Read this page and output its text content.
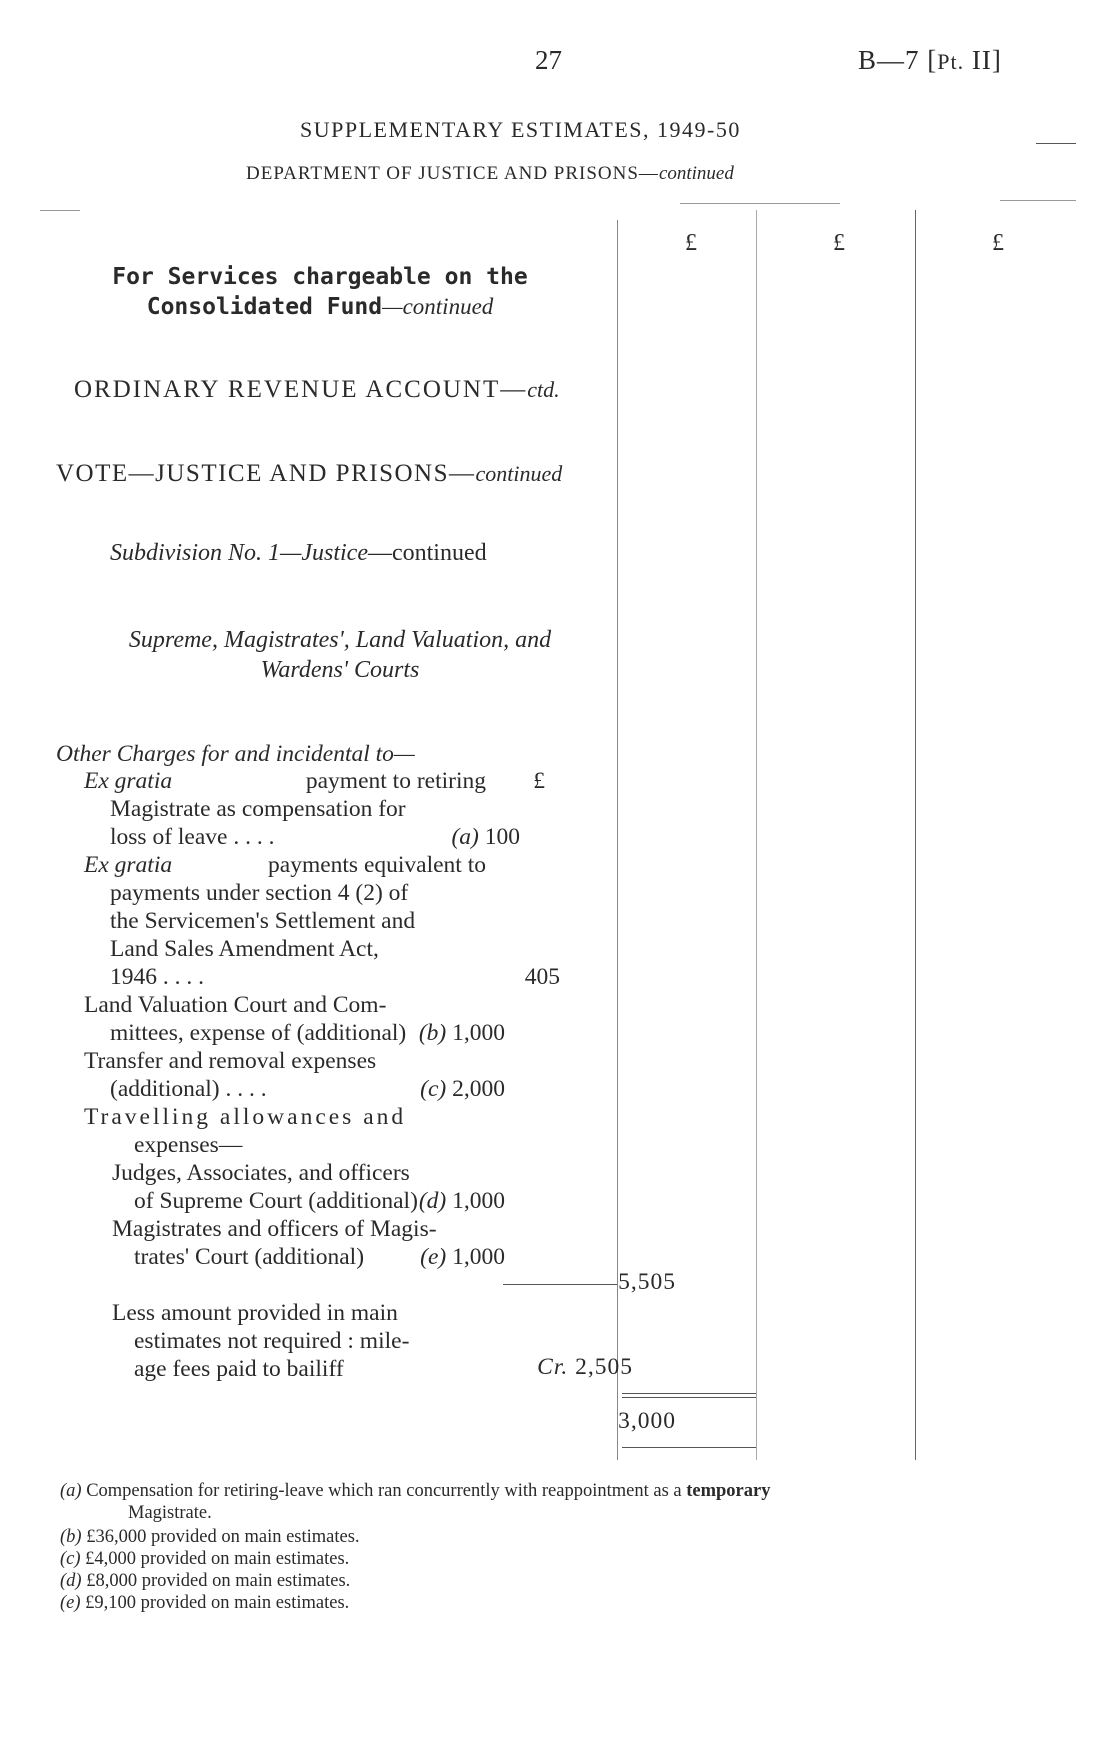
27	B—7 [Pt. II]
SUPPLEMENTARY ESTIMATES, 1949-50
DEPARTMENT OF JUSTICE AND PRISONS—continued
£	£	£
For Services chargeable on the
Consolidated Fund—continued
ORDINARY REVENUE ACCOUNT—ctd.
VOTE—JUSTICE AND PRISONS—continued
Subdivision No. 1—Justice—continued
Supreme, Magistrates', Land Valuation, and
Wardens' Courts
Other Charges for and incidental to—
Ex gratia	payment to retiring £
Magistrate as compensation for
loss of leave . . . .	(a) 100
Ex gratia	payments equivalent to
payments under section 4 (2) of
the Servicemen's Settlement and
Land Sales Amendment Act,
1946 . . . .	405
Land Valuation Court and Com-
mittees, expense of (additional) (b) 1,000
Transfer and removal expenses
(additional) . . . .	(c) 2,000
Travelling allowances and
expenses—
Judges, Associates, and officers
of Supreme Court (additional) (d) 1,000
Magistrates and officers of Magis-
trates' Court (additional) (e) 1,000
5,505
Less amount provided in main
estimates not required : mile-
age fees paid to bailiff	Cr. 2,505
3,000
(a) Compensation for retiring-leave which ran concurrently with reappointment as a temporary
Magistrate.
(b) £36,000 provided on main estimates.
(c) £4,000 provided on main estimates.
(d) £8,000 provided on main estimates.
(e) £9,100 provided on main estimates.
